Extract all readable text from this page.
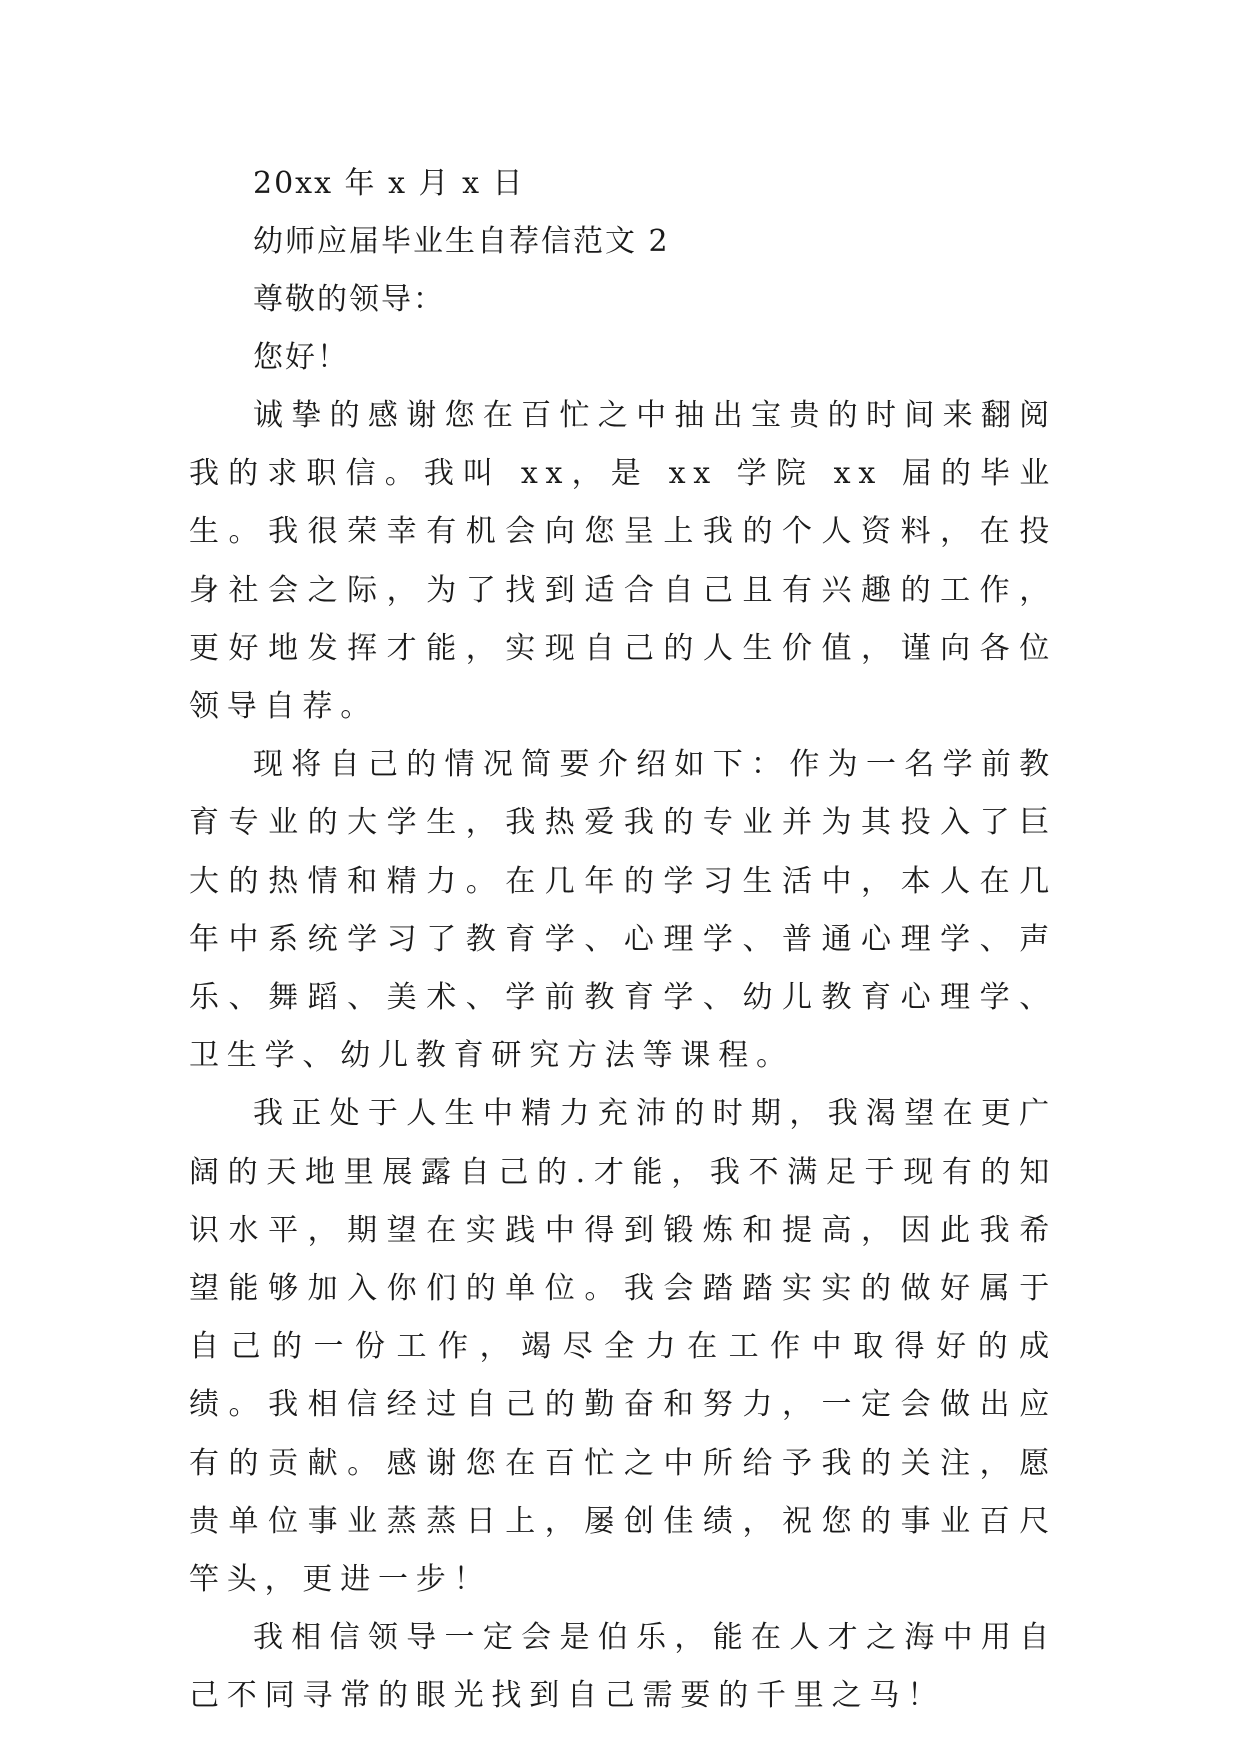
20xx 年 x 月 x 日

幼师应届毕业生自荐信范文 2

尊敬的领导：

您好！

诚挚的感谢您在百忙之中抽出宝贵的时间来翻阅我的求职信。我叫 xx，是 xx 学院 xx 届的毕业生。我很荣幸有机会向您呈上我的个人资料，在投身社会之际，为了找到适合自己且有兴趣的工作，更好地发挥才能，实现自己的人生价值，谨向各位领导自荐。

现将自己的情况简要介绍如下：作为一名学前教育专业的大学生，我热爱我的专业并为其投入了巨大的热情和精力。在几年的学习生活中，本人在几年中系统学习了教育学、心理学、普通心理学、声乐、舞蹈、美术、学前教育学、幼儿教育心理学、卫生学、幼儿教育研究方法等课程。

我正处于人生中精力充沛的时期，我渴望在更广阔的天地里展露自己的.才能，我不满足于现有的知识水平，期望在实践中得到锻炼和提高，因此我希望能够加入你们的单位。我会踏踏实实的做好属于自己的一份工作，竭尽全力在工作中取得好的成绩。我相信经过自己的勤奋和努力，一定会做出应有的贡献。感谢您在百忙之中所给予我的关注，愿贵单位事业蒸蒸日上，屡创佳绩，祝您的事业百尺竿头，更进一步！

我相信领导一定会是伯乐，能在人才之海中用自己不同寻常的眼光找到自己需要的千里之马！
